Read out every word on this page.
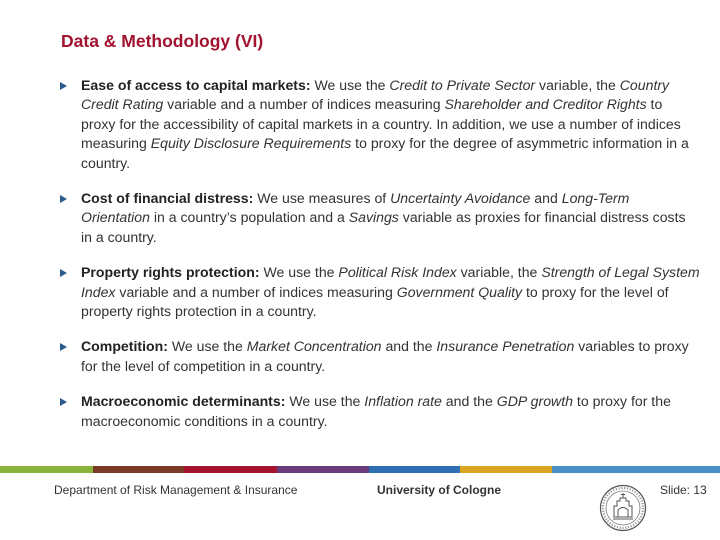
Data & Methodology (VI)
Ease of access to capital markets: We use the Credit to Private Sector variable, the Country Credit Rating variable and a number of indices measuring Shareholder and Creditor Rights to proxy for the accessibility of capital markets in a country. In addition, we use a number of indices measuring Equity Disclosure Requirements to proxy for the degree of asymmetric information in a country.
Cost of financial distress: We use measures of Uncertainty Avoidance and Long-Term Orientation in a country’s population and a Savings variable as proxies for financial distress costs in a country.
Property rights protection: We use the Political Risk Index variable, the Strength of Legal System Index variable and a number of indices measuring Government Quality to proxy for the level of property rights protection in a country.
Competition: We use the Market Concentration and the Insurance Penetration variables to proxy for the level of competition in a country.
Macroeconomic determinants: We use the Inflation rate and the GDP growth to proxy for the macroeconomic conditions in a country.
Department of Risk Management & Insurance	University of Cologne	Slide: 13
